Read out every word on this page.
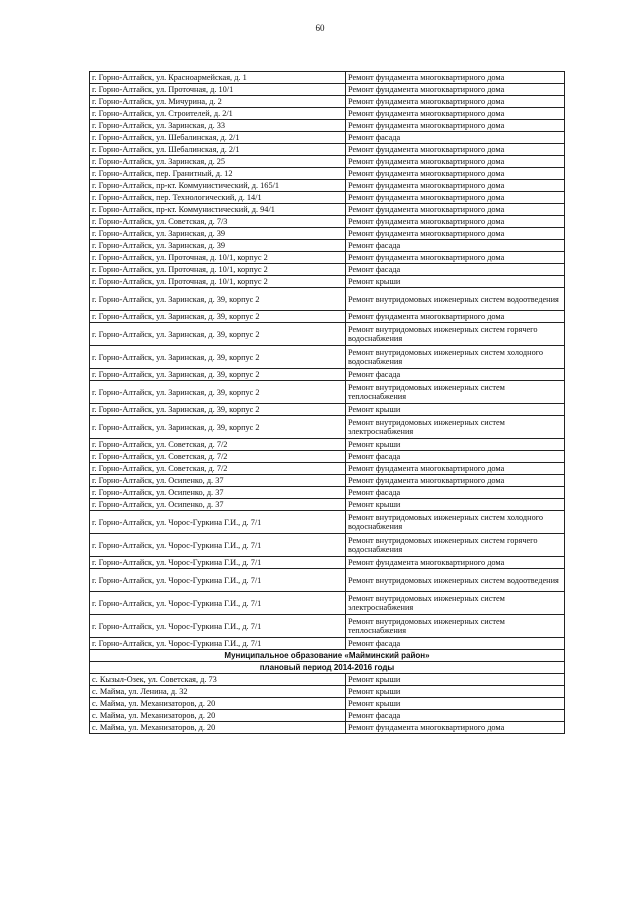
60
г. Горно-Алтайск, ул. Красноармейская, д. 1	Ремонт фундамента многоквартирного дома
г. Горно-Алтайск, ул. Проточная, д. 10/1	Ремонт фундамента многоквартирного дома
г. Горно-Алтайск, ул. Мичурина, д. 2	Ремонт фундамента многоквартирного дома
г. Горно-Алтайск, ул. Строителей, д. 2/1	Ремонт фундамента многоквартирного дома
г. Горно-Алтайск, ул. Заринская, д. 33	Ремонт фундамента многоквартирного дома
г. Горно-Алтайск, ул. Шебалинская, д. 2/1	Ремонт фасада
г. Горно-Алтайск, ул. Шебалинская, д. 2/1	Ремонт фундамента многоквартирного дома
г. Горно-Алтайск, ул. Заринская, д. 25	Ремонт фундамента многоквартирного дома
г. Горно-Алтайск, пер. Гранитный, д. 12	Ремонт фундамента многоквартирного дома
г. Горно-Алтайск, пр-кт. Коммунистический, д. 165/1	Ремонт фундамента многоквартирного дома
г. Горно-Алтайск, пер. Технологический, д. 14/1	Ремонт фундамента многоквартирного дома
г. Горно-Алтайск, пр-кт. Коммунистический, д. 94/1	Ремонт фундамента многоквартирного дома
г. Горно-Алтайск, ул. Советская, д. 7/3	Ремонт фундамента многоквартирного дома
г. Горно-Алтайск, ул. Заринская, д. 39	Ремонт фундамента многоквартирного дома
г. Горно-Алтайск, ул. Заринская, д. 39	Ремонт фасада
г. Горно-Алтайск, ул. Проточная, д. 10/1, корпус 2	Ремонт фундамента многоквартирного дома
г. Горно-Алтайск, ул. Проточная, д. 10/1, корпус 2	Ремонт фасада
г. Горно-Алтайск, ул. Проточная, д. 10/1, корпус 2	Ремонт крыши
г. Горно-Алтайск, ул. Заринская, д. 39, корпус 2	Ремонт внутридомовых инженерных систем водоотведения
г. Горно-Алтайск, ул. Заринская, д. 39, корпус 2	Ремонт фундамента многоквартирного дома
г. Горно-Алтайск, ул. Заринская, д. 39, корпус 2	Ремонт внутридомовых инженерных систем горячего водоснабжения
г. Горно-Алтайск, ул. Заринская, д. 39, корпус 2	Ремонт внутридомовых инженерных систем холодного водоснабжения
г. Горно-Алтайск, ул. Заринская, д. 39, корпус 2	Ремонт фасада
г. Горно-Алтайск, ул. Заринская, д. 39, корпус 2	Ремонт внутридомовых инженерных систем теплоснабжения
г. Горно-Алтайск, ул. Заринская, д. 39, корпус 2	Ремонт крыши
г. Горно-Алтайск, ул. Заринская, д. 39, корпус 2	Ремонт внутридомовых инженерных систем электроснабжения
г. Горно-Алтайск, ул. Советская, д. 7/2	Ремонт крыши
г. Горно-Алтайск, ул. Советская, д. 7/2	Ремонт фасада
г. Горно-Алтайск, ул. Советская, д. 7/2	Ремонт фундамента многоквартирного дома
г. Горно-Алтайск, ул. Осипенко, д. 37	Ремонт фундамента многоквартирного дома
г. Горно-Алтайск, ул. Осипенко, д. 37	Ремонт фасада
г. Горно-Алтайск, ул. Осипенко, д. 37	Ремонт крыши
г. Горно-Алтайск, ул. Чорос-Гуркина Г.И., д. 7/1	Ремонт внутридомовых инженерных систем холодного водоснабжения
г. Горно-Алтайск, ул. Чорос-Гуркина Г.И., д. 7/1	Ремонт внутридомовых инженерных систем горячего водоснабжения
г. Горно-Алтайск, ул. Чорос-Гуркина Г.И., д. 7/1	Ремонт фундамента многоквартирного дома
г. Горно-Алтайск, ул. Чорос-Гуркина Г.И., д. 7/1	Ремонт внутридомовых инженерных систем водоотведения
г. Горно-Алтайск, ул. Чорос-Гуркина Г.И., д. 7/1	Ремонт внутридомовых инженерных систем электроснабжения
г. Горно-Алтайск, ул. Чорос-Гуркина Г.И., д. 7/1	Ремонт внутридомовых инженерных систем теплоснабжения
г. Горно-Алтайск, ул. Чорос-Гуркина Г.И., д. 7/1	Ремонт фасада
Муниципальное образование «Майминский район»	
плановый период 2014-2016 годы	
с. Кызыл-Озек, ул. Советская, д. 73	Ремонт крыши
с. Майма, ул. Ленина, д. 32	Ремонт крыши
с. Майма, ул. Механизаторов, д. 20	Ремонт крыши
с. Майма, ул. Механизаторов, д. 20	Ремонт фасада
с. Майма, ул. Механизаторов, д. 20	Ремонт фундамента многоквартирного дома
